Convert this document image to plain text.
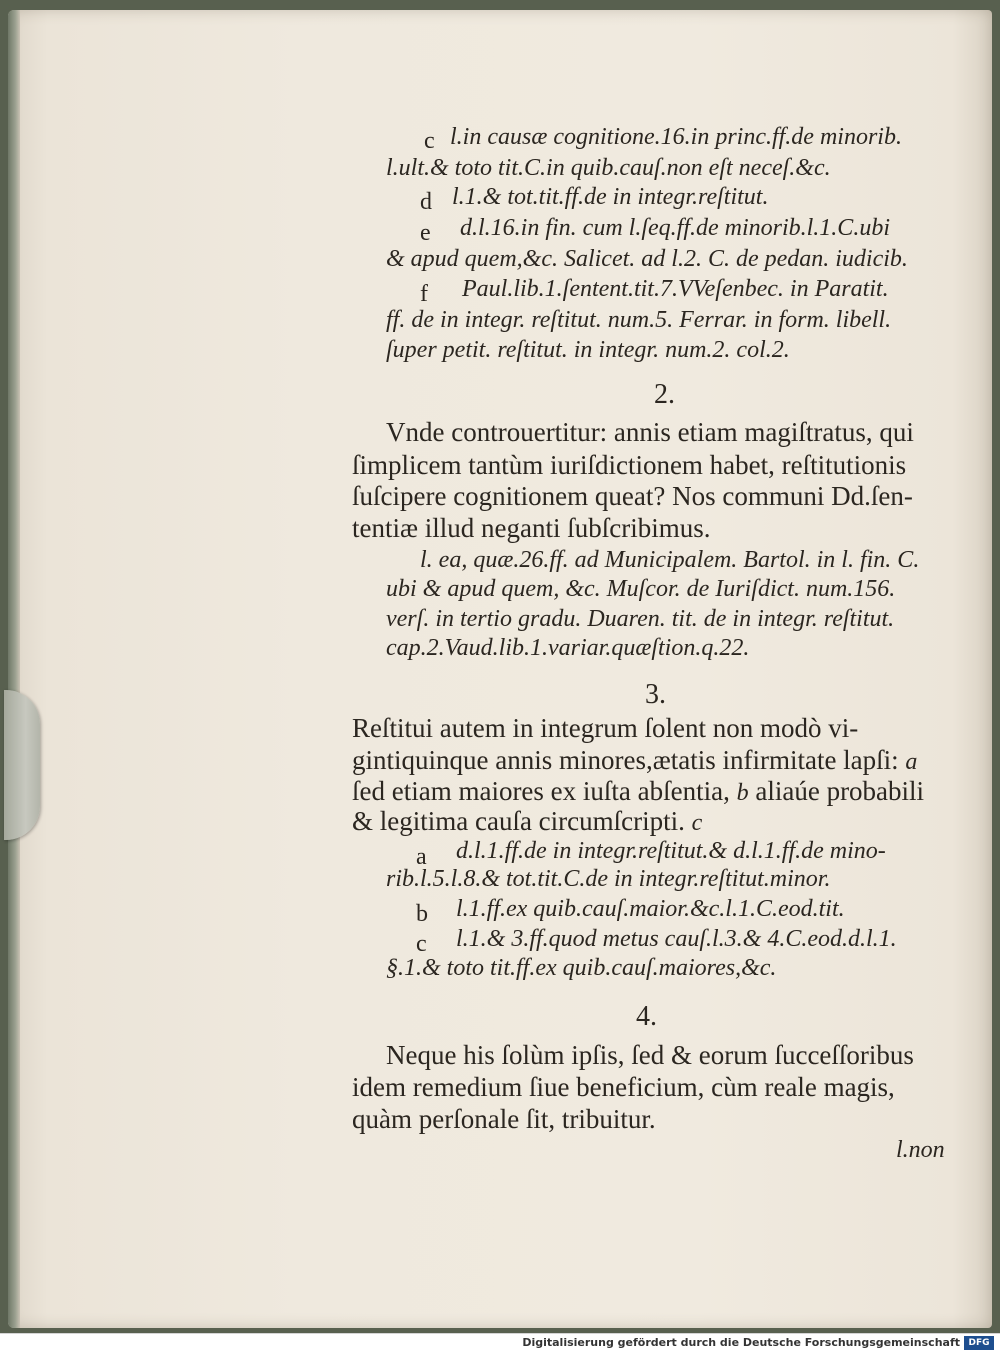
c l.in causæ cognitione.16.in princ.ff.de minorib.
l.ult.& toto tit.C.in quib.cauſ.non eſt neceſ.&c.
d l.1.& tot.tit.ff.de in integr.reſtitut.
e d.l.16.in fin. cum l.ſeq.ff.de minorib.l.1.C.ubi
& apud quem,&c. Salicet. ad l.2. C. de pedan. iudicib.
f Paul.lib.1.ſentent.tit.7.VVeſenbec. in Paratit.
ff. de in integr. reſtitut. num.5. Ferrar. in form. libell.
ſuper petit. reſtitut. in integr. num.2. col.2.
2.
Vnde controuertitur: annis etiam magiſtratus, qui
ſimplicem tantùm iuriſdictionem habet, reſtitutionis
ſuſcipere cognitionem queat? Nos communi Dd.ſen-
tentiæ illud neganti ſubſcribimus.
l. ea, quæ.26.ff. ad Municipalem. Bartol. in l. fin. C.
ubi & apud quem, &c. Muſcor. de Iuriſdict. num.156.
verſ. in tertio gradu. Duaren. tit. de in integr. reſtitut.
cap.2.Vaud.lib.1.variar.quæſtion.q.22.
3.
Reſtitui autem in integrum ſolent non modò vi-
gintiquinque annis minores,ætatis infirmitate lapſi: a
ſed etiam maiores ex iuſta abſentia, b aliaúe probabili
& legitima cauſa circumſcripti. c
a d.l.1.ff.de in integr.reſtitut.& d.l.1.ff.de mino-
rib.l.5.l.8.& tot.tit.C.de in integr.reſtitut.minor.
b l.1.ff.ex quib.cauſ.maior.&c.l.1.C.eod.tit.
c l.1.& 3.ff.quod metus cauſ.l.3.& 4.C.eod.d.l.1.
§.1.& toto tit.ff.ex quib.cauſ.maiores,&c.
4.
Neque his ſolùm ipſis, ſed & eorum ſucceſſoribus
idem remedium ſiue beneficium, cùm reale magis,
quàm perſonale ſit, tribuitur.
l.non
Digitalisierung gefördert durch die Deutsche Forschungsgemeinschaft DFG
